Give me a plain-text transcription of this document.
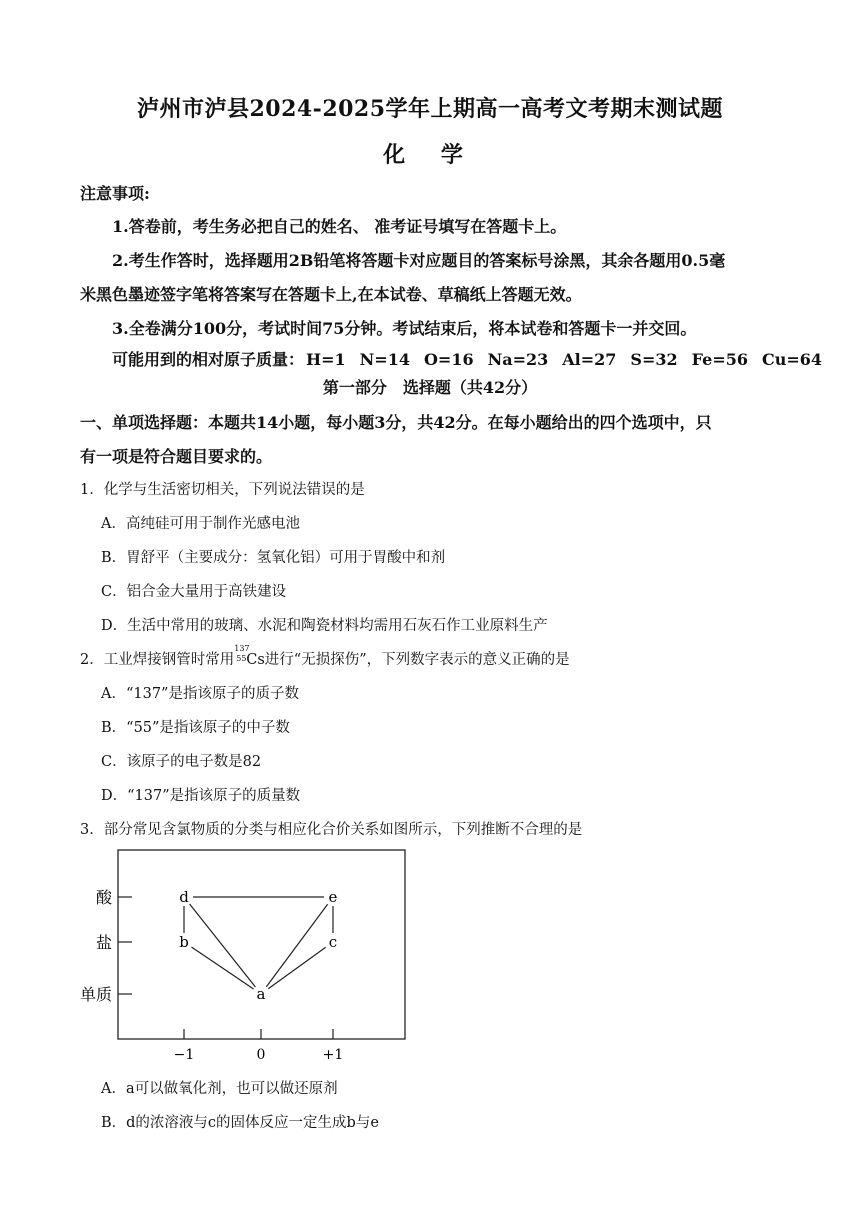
泸州市泸县2024-2025学年上期高一高考文考期末测试题
化 学
注意事项:
1.答卷前，考生务必把自己的姓名、 准考证号填写在答题卡上。
2.考生作答时，选择题用2B铅笔将答题卡对应题目的答案标号涂黑，其余各题用0.5毫
米黑色墨迹签字笔将答案写在答题卡上,在本试卷、草稿纸上答题无效。
3.全卷满分100分，考试时间75分钟。考试结束后，将本试卷和答题卡一并交回。
可能用到的相对原子质量： H=1 N=14 O=16 Na=23 Al=27 S=32 Fe=56 Cu=64
第一部分　选择题（共42分）
一、单项选择题：本题共14小题，每小题3分，共42分。在每小题给出的四个选项中，只
有一项是符合题目要求的。
1．化学与生活密切相关，下列说法错误的是
A．高纯硅可用于制作光感电池
B．胃舒平（主要成分：氢氧化铝）可用于胃酸中和剂
C．铝合金大量用于高铁建设
D．生活中常用的玻璃、水泥和陶瓷材料均需用石灰石作工业原料生产
2．工业焊接钢管时常用
137
55 Cs进行“无损探伤”，下列数字表示的意义正确的是
A．“137”是指该原子的质子数
B．“55”是指该原子的中子数
C．该原子的电子数是82
D．“137”是指该原子的质量数
3．部分常见含氯物质的分类与相应化合价关系如图所示，下列推断不合理的是
酸
盐
单质
−1	0	+1
d	e
b	c
a
A．a可以做氧化剂，也可以做还原剂
B．d的浓溶液与c的固体反应一定生成b与e
